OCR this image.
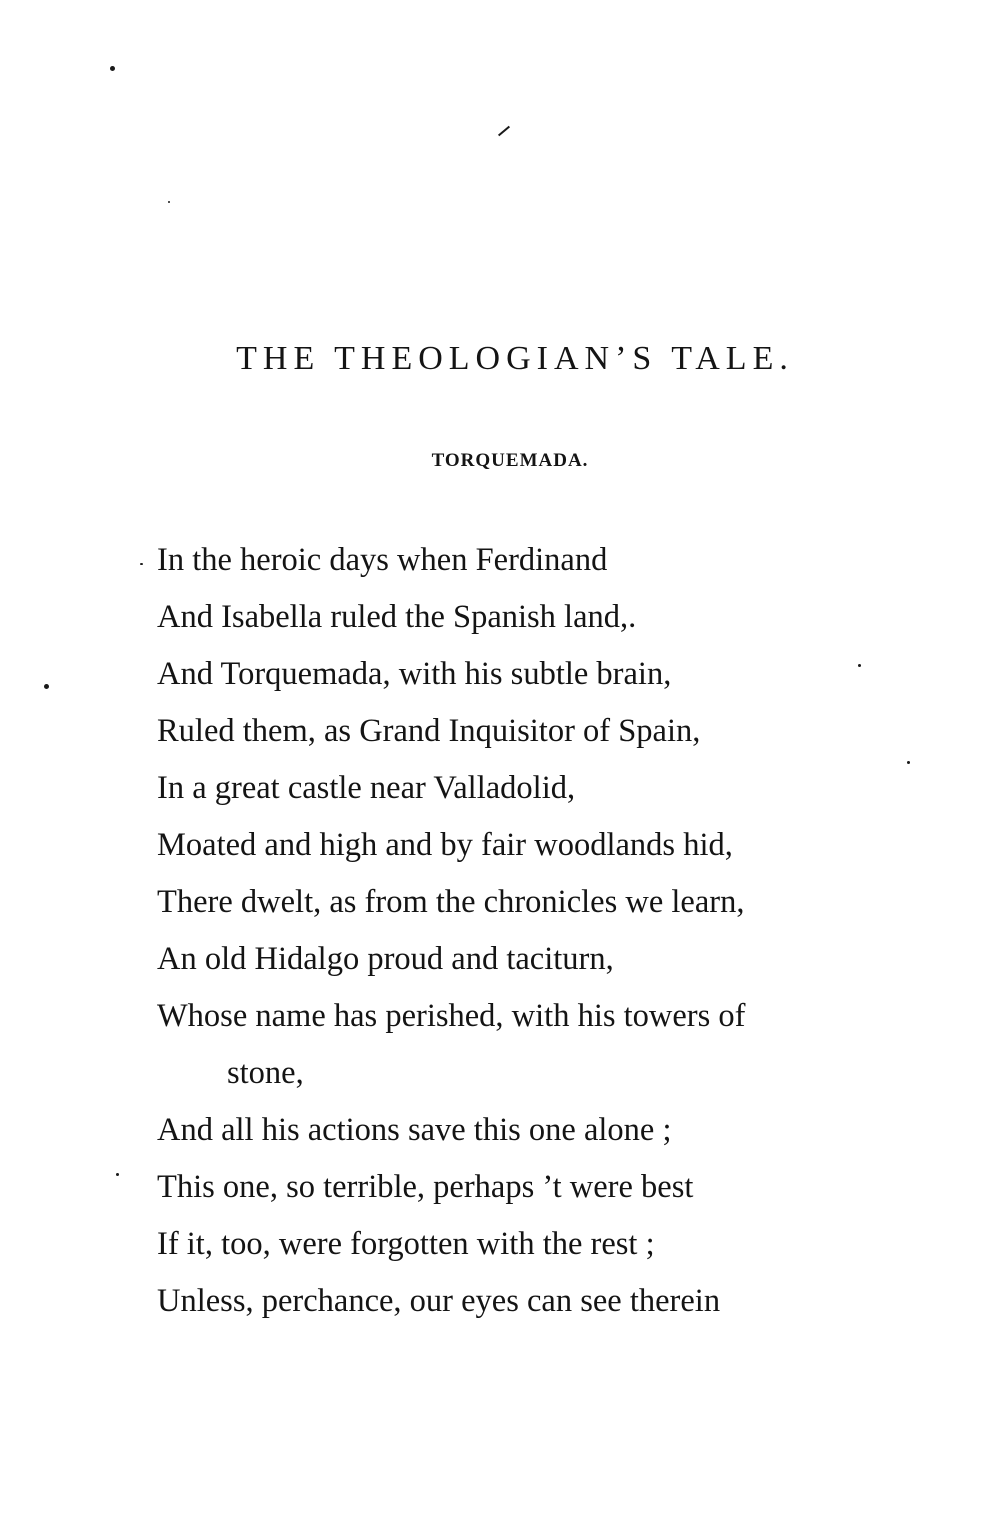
THE THEOLOGIAN’S TALE.
TORQUEMADA.
In the heroic days when Ferdinand
And Isabella ruled the Spanish land,.
And Torquemada, with his subtle brain,
Ruled them, as Grand Inquisitor of Spain,
In a great castle near Valladolid,
Moated and high and by fair woodlands hid,
There dwelt, as from the chronicles we learn,
An old Hidalgo proud and taciturn,
Whose name has perished, with his towers of
stone,
And all his actions save this one alone ;
This one, so terrible, perhaps ’t were best
If it, too, were forgotten with the rest ;
Unless, perchance, our eyes can see therein
